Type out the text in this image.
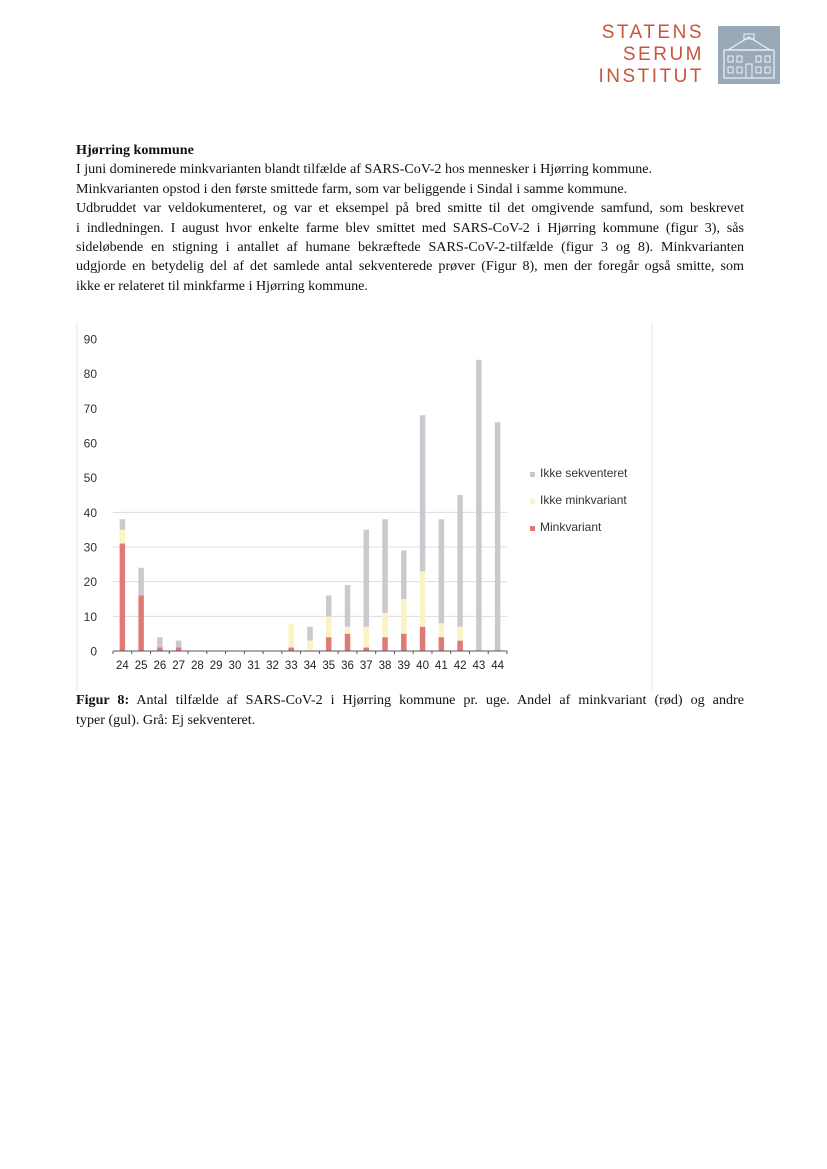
STATENS
SERUM
INSTITUT
Hjørring kommune
I juni dominerede minkvarianten blandt tilfælde af SARS-CoV-2 hos mennesker i Hjørring kommune.
Minkvarianten opstod i den første smittede farm, som var beliggende i Sindal i samme kommune.
Udbruddet var veldokumenteret, og var et eksempel på bred smitte til det omgivende samfund, som beskrevet
i indledningen. I august hvor enkelte farme blev smittet med SARS-CoV-2 i Hjørring kommune (figur 3), sås
sideløbende en stigning i antallet af humane bekræftede SARS-CoV-2-tilfælde (figur 3 og 8). Minkvarianten
udgjorde en betydelig del af det samlede antal sekventerede prøver (Figur 8), men der foregår også smitte, som
ikke er relateret til minkfarme i Hjørring kommune.
0
10
20
30
40
50
60
70
80
90
24 25 26 27 28 29 30 31 32 33 34 35 36 37 38 39 40 41 42 43 44
Ikke sekventeret
Ikke minkvariant
Minkvariant
Figur 8: Antal tilfælde af SARS-CoV-2 i Hjørring kommune pr. uge. Andel af minkvariant (rød) og andre
typer (gul). Grå: Ej sekventeret.
